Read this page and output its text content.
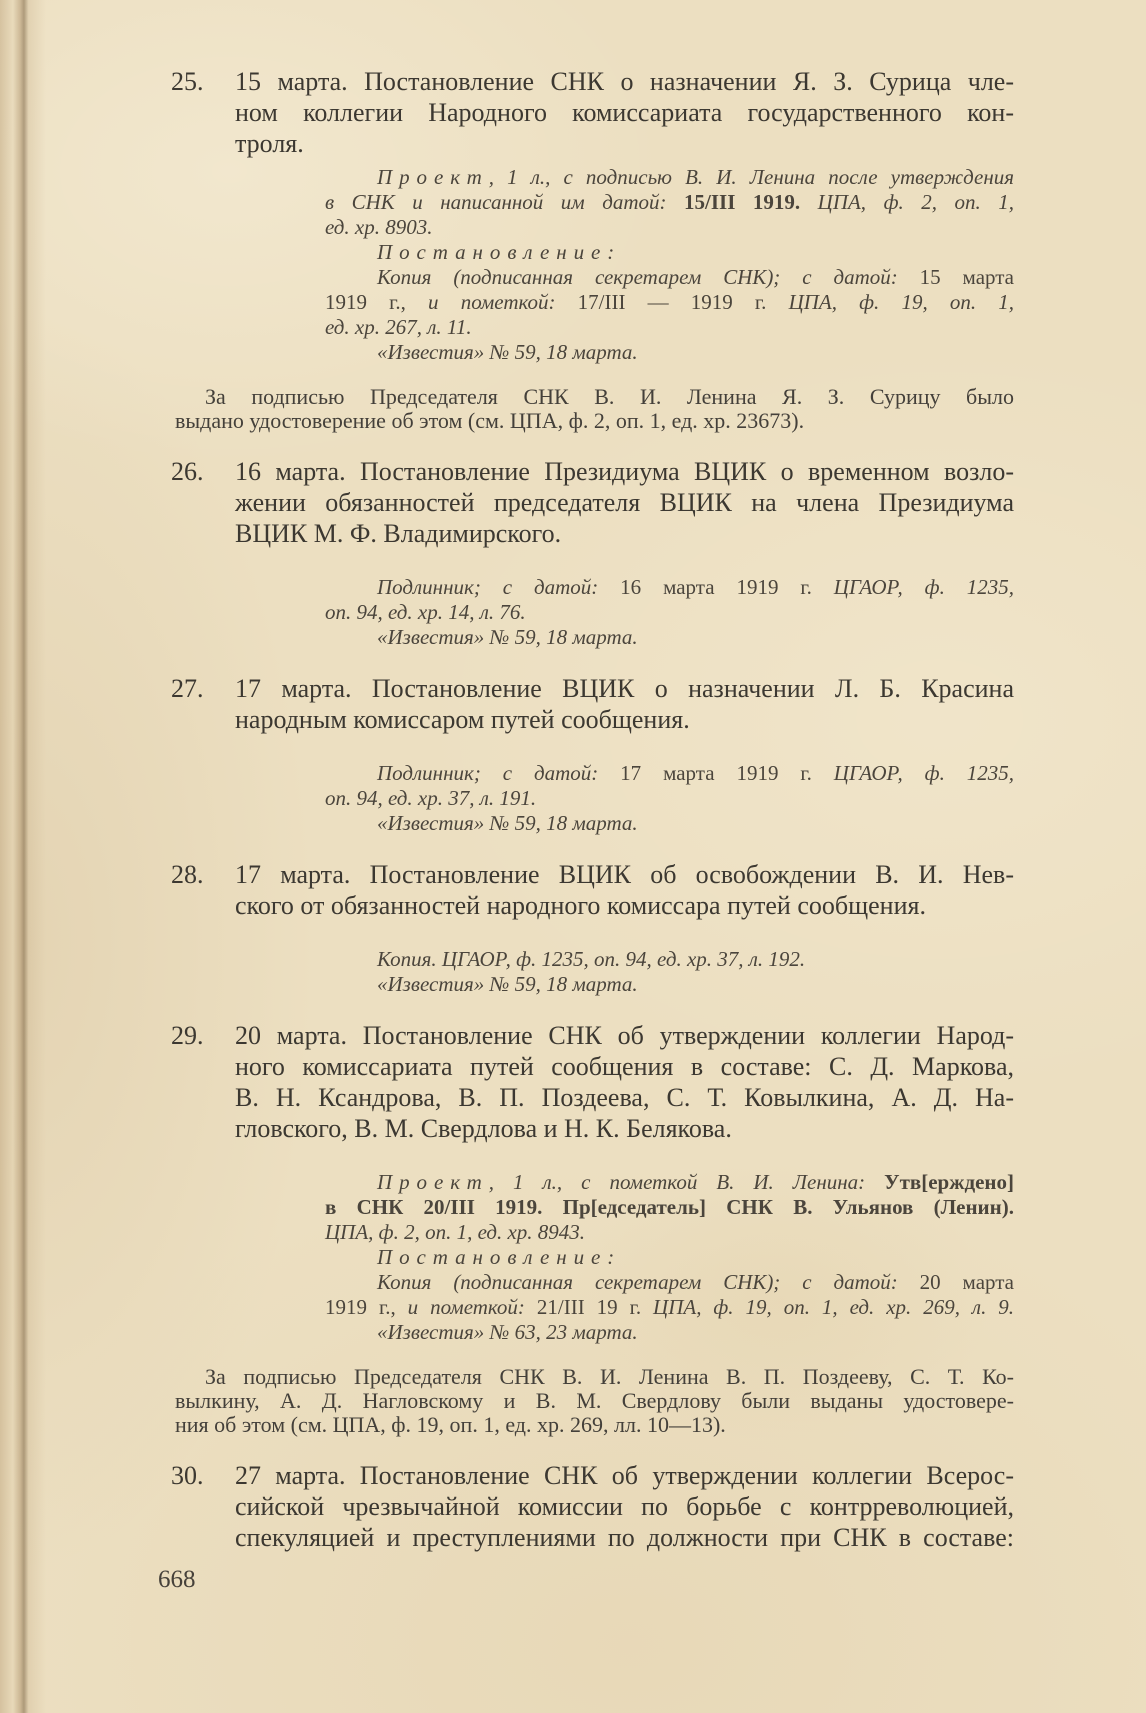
25.	15 марта. Постановление СНК о назначении Я. З. Сурица чле-
ном коллегии Народного комиссариата государственного кон-
троля.
Проект, 1 л., с подписью В. И. Ленина после утверждения
в СНК и написанной им датой: 15/III 1919. ЦПА, ф. 2, оп. 1,
ед. хр. 8903.
Постановление:
Копия (подписанная секретарем СНК); с датой: 15 марта
1919 г., и пометкой: 17/III — 1919 г. ЦПА, ф. 19, оп. 1,
ед. хр. 267, л. 11.
«Известия» № 59, 18 марта.
За подписью Председателя СНК В. И. Ленина Я. З. Сурицу было
выдано удостоверение об этом (см. ЦПА, ф. 2, оп. 1, ед. хр. 23673).
26.	16 марта. Постановление Президиума ВЦИК о временном возло-
жении обязанностей председателя ВЦИК на члена Президиума
ВЦИК М. Ф. Владимирского.
Подлинник; с датой: 16 марта 1919 г. ЦГАОР, ф. 1235,
оп. 94, ед. хр. 14, л. 76.
«Известия» № 59, 18 марта.
27.	17 марта. Постановление ВЦИК о назначении Л. Б. Красина
народным комиссаром путей сообщения.
Подлинник; с датой: 17 марта 1919 г. ЦГАОР, ф. 1235,
оп. 94, ед. хр. 37, л. 191.
«Известия» № 59, 18 марта.
28.	17 марта. Постановление ВЦИК об освобождении В. И. Нев-
ского от обязанностей народного комиссара путей сообщения.
Копия. ЦГАОР, ф. 1235, оп. 94, ед. хр. 37, л. 192.
«Известия» № 59, 18 марта.
29.	20 марта. Постановление СНК об утверждении коллегии Народ-
ного комиссариата путей сообщения в составе: С. Д. Маркова,
В. Н. Ксандрова, В. П. Поздеева, С. Т. Ковылкина, А. Д. На-
гловского, В. М. Свердлова и Н. К. Белякова.
Проект, 1 л., с пометкой В. И. Ленина: Утв[ерждено]
в СНК 20/III 1919. Пр[едседатель] СНК В. Ульянов (Ленин).
ЦПА, ф. 2, оп. 1, ед. хр. 8943.
Постановление:
Копия (подписанная секретарем СНК); с датой: 20 марта
1919 г., и пометкой: 21/III 19 г. ЦПА, ф. 19, оп. 1, ед. хр. 269, л. 9.
«Известия» № 63, 23 марта.
За подписью Председателя СНК В. И. Ленина В. П. Поздееву, С. Т. Ко-
вылкину, А. Д. Нагловскому и В. М. Свердлову были выданы удостовере-
ния об этом (см. ЦПА, ф. 19, оп. 1, ед. хр. 269, лл. 10—13).
30.	27 марта. Постановление СНК об утверждении коллегии Всерос-
сийской чрезвычайной комиссии по борьбе с контрреволюцией,
спекуляцией и преступлениями по должности при СНК в составе:
668
